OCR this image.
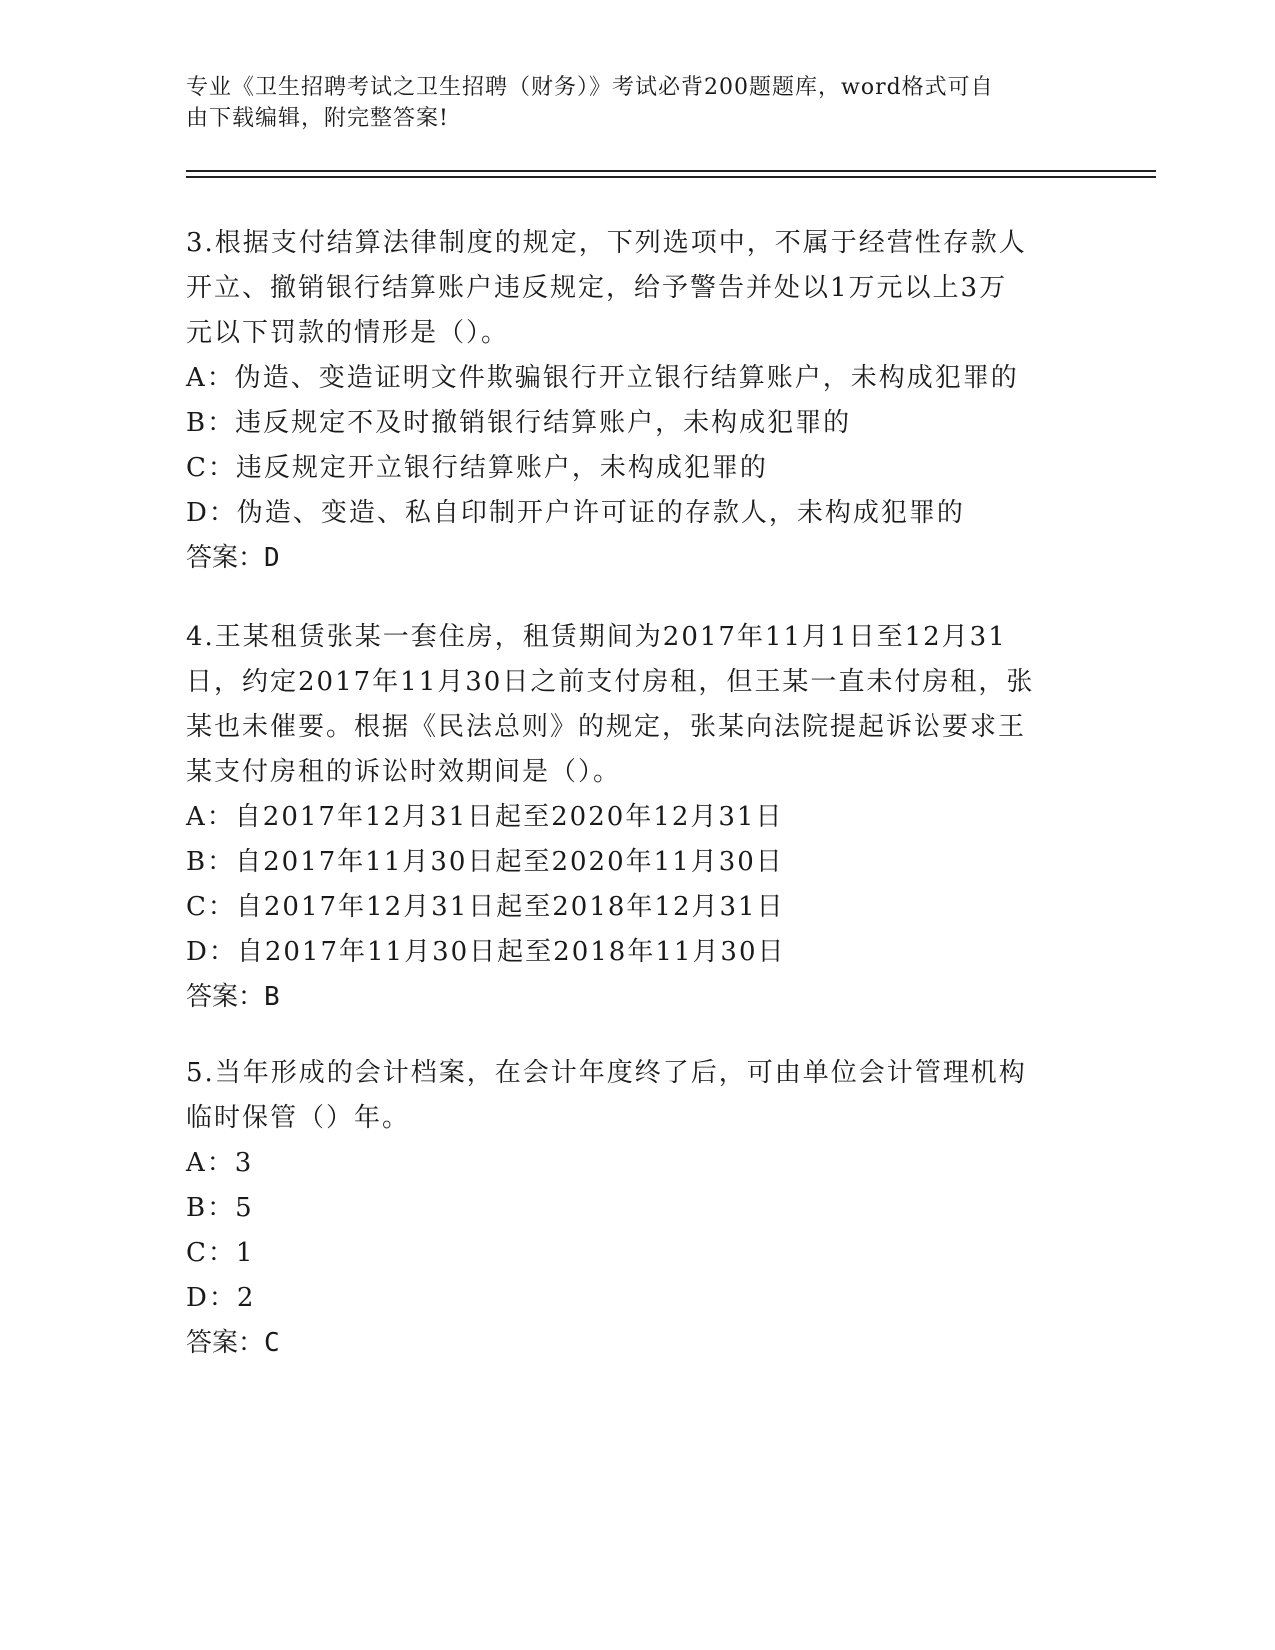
专业《卫生招聘考试之卫生招聘（财务）》考试必背200题题库，word格式可自
由下载编辑，附完整答案!

3.根据支付结算法律制度的规定，下列选项中，不属于经营性存款人

开立、撤销银行结算账户违反规定，给予警告并处以1万元以上3万

元以下罚款的情形是（）。

A：伪造、变造证明文件欺骗银行开立银行结算账户，未构成犯罪的

B：违反规定不及时撤销银行结算账户，未构成犯罪的

C：违反规定开立银行结算账户，未构成犯罪的

D：伪造、变造、私自印制开户许可证的存款人，未构成犯罪的

答案：D

4.王某租赁张某一套住房，租赁期间为2017年11月1日至12月31

日，约定2017年11月30日之前支付房租，但王某一直未付房租，张

某也未催要。根据《民法总则》的规定，张某向法院提起诉讼要求王

某支付房租的诉讼时效期间是（）。

A：自2017年12月31日起至2020年12月31日

B：自2017年11月30日起至2020年11月30日

C：自2017年12月31日起至2018年12月31日

D：自2017年11月30日起至2018年11月30日

答案：B

5.当年形成的会计档案，在会计年度终了后，可由单位会计管理机构

临时保管（）年。

A：3

B：5

C：1

D：2

答案：C
